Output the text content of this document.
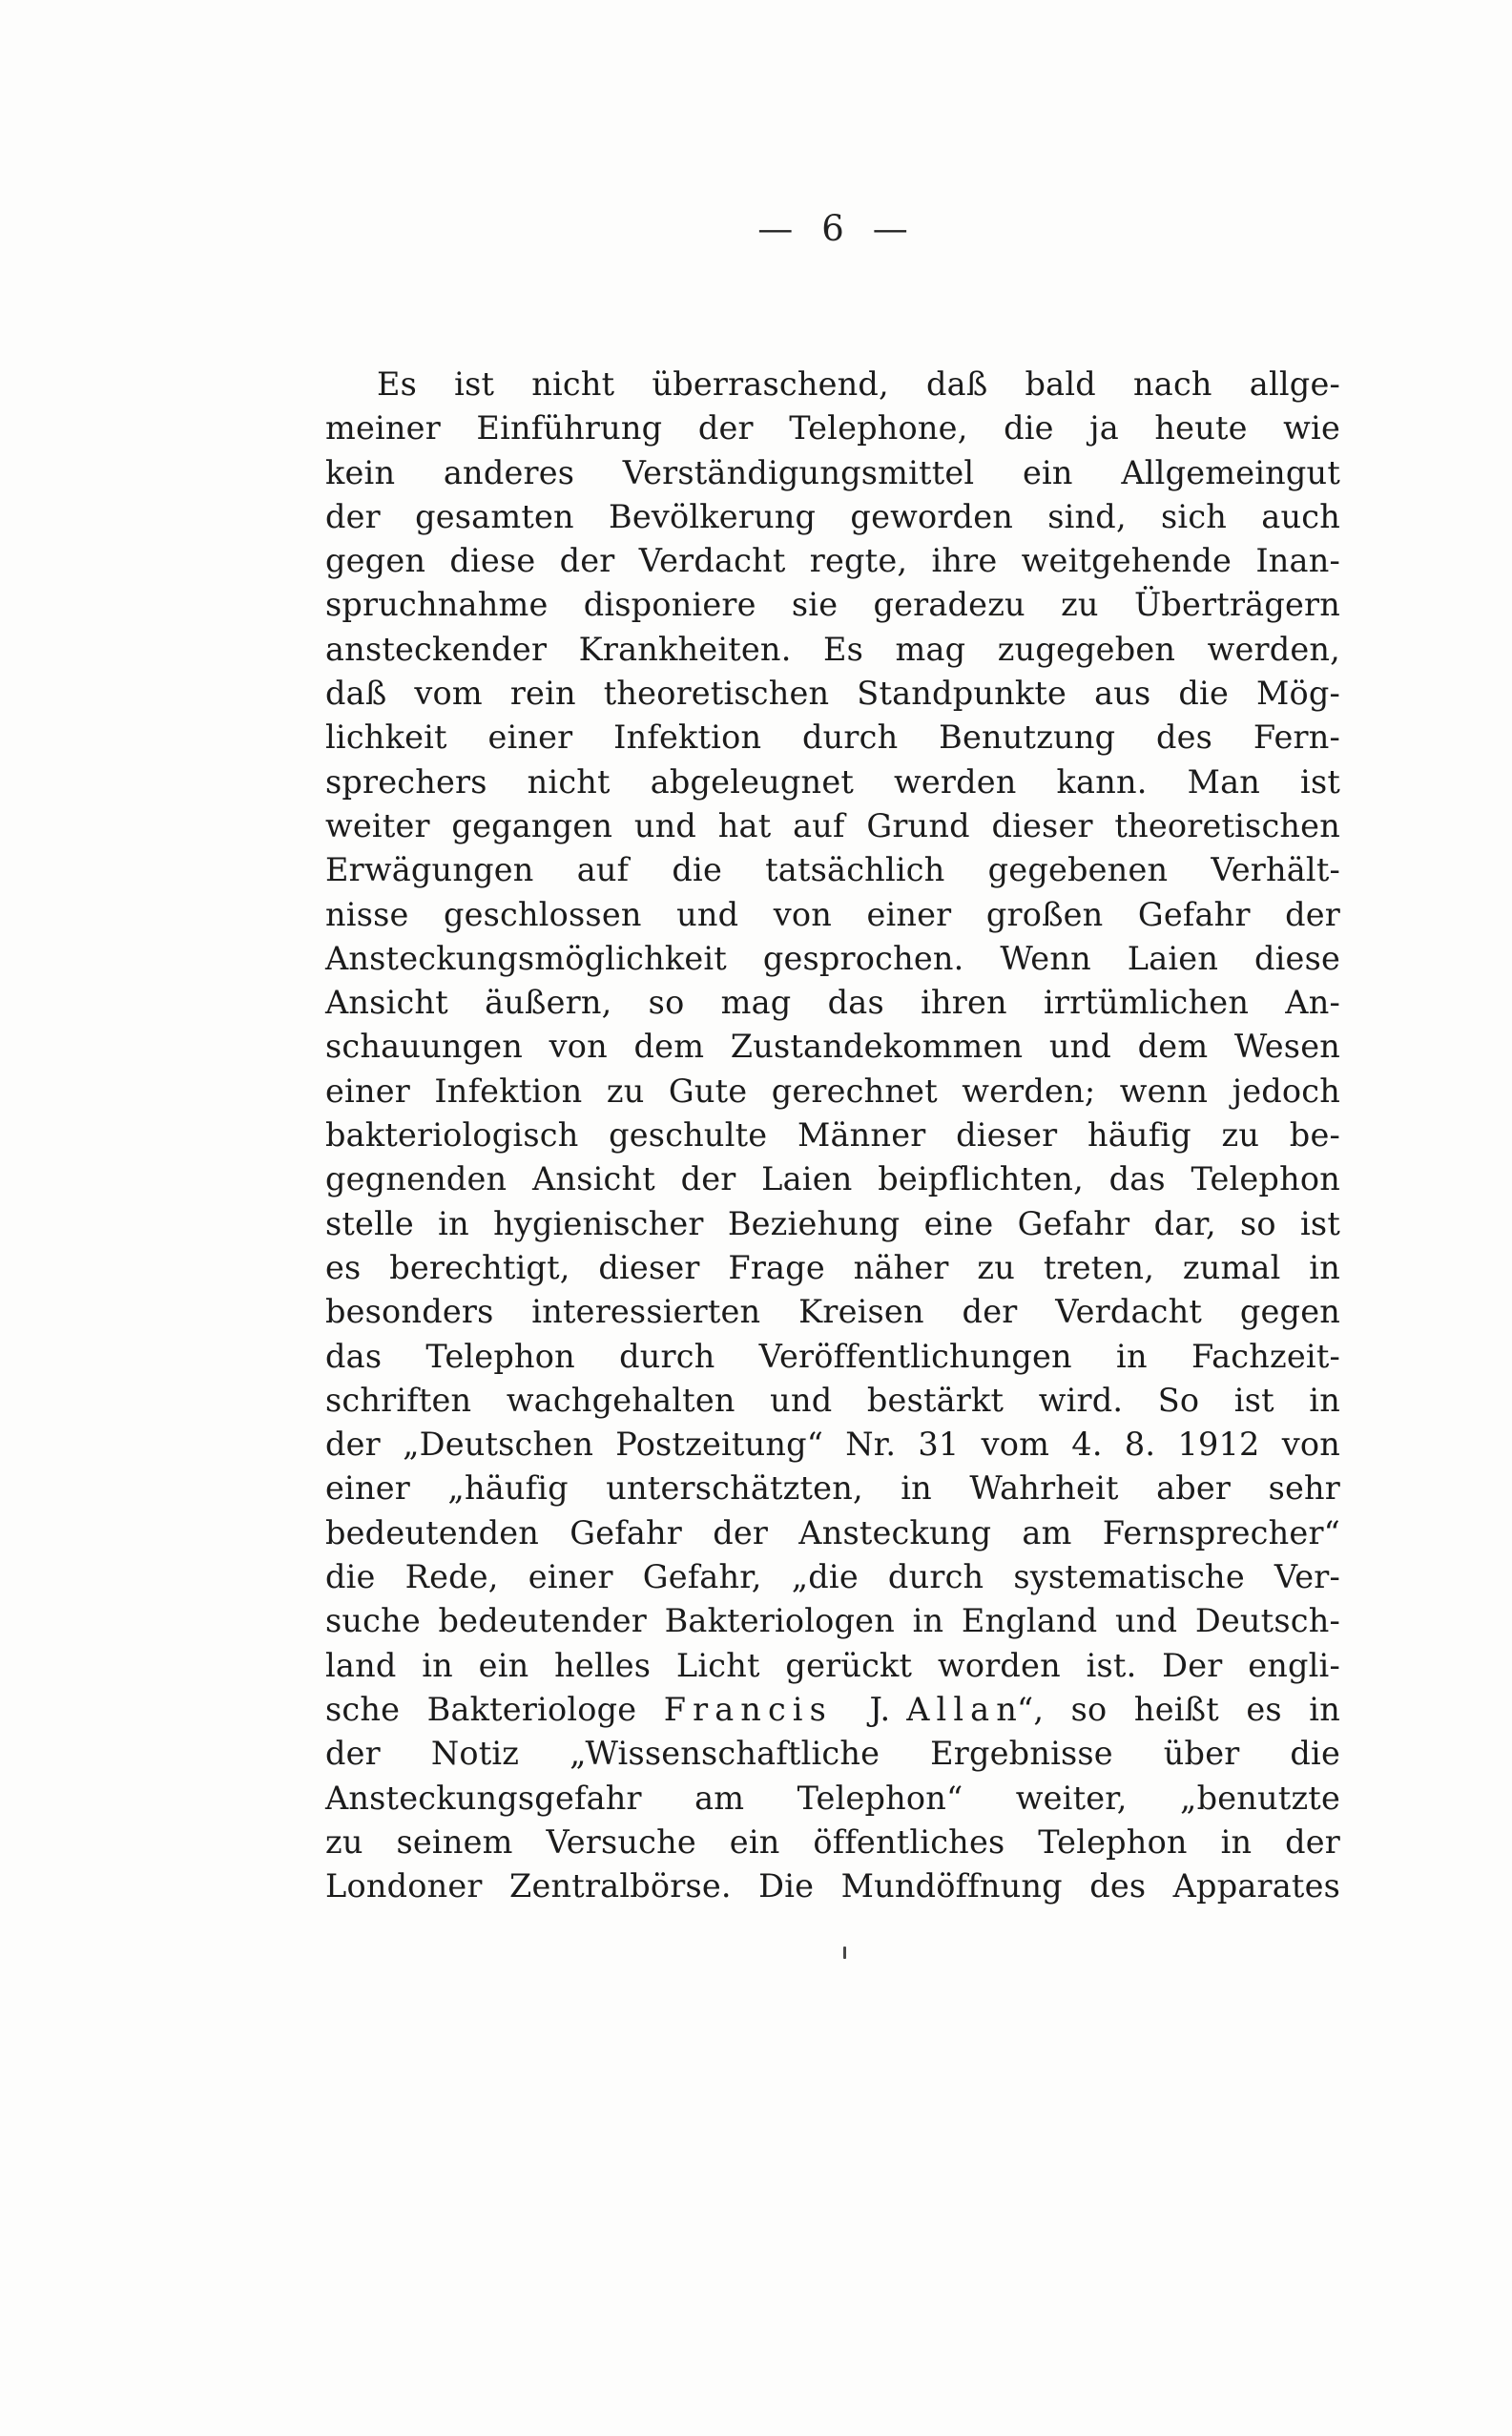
— 6 —
Es ist nicht überraschend, daß bald nach allge-
meiner Einführung der Telephone, die ja heute wie
kein anderes Verständigungsmittel ein Allgemeingut
der gesamten Bevölkerung geworden sind, sich auch
gegen diese der Verdacht regte, ihre weitgehende Inan-
spruchnahme disponiere sie geradezu zu Überträgern
ansteckender Krankheiten. Es mag zugegeben werden,
daß vom rein theoretischen Standpunkte aus die Mög-
lichkeit einer Infektion durch Benutzung des Fern-
sprechers nicht abgeleugnet werden kann. Man ist
weiter gegangen und hat auf Grund dieser theoretischen
Erwägungen auf die tatsächlich gegebenen Verhält-
nisse geschlossen und von einer großen Gefahr der
Ansteckungsmöglichkeit gesprochen. Wenn Laien diese
Ansicht äußern, so mag das ihren irrtümlichen An-
schauungen von dem Zustandekommen und dem Wesen
einer Infektion zu Gute gerechnet werden; wenn jedoch
bakteriologisch geschulte Männer dieser häufig zu be-
gegnenden Ansicht der Laien beipflichten, das Telephon
stelle in hygienischer Beziehung eine Gefahr dar, so ist
es berechtigt, dieser Frage näher zu treten, zumal in
besonders interessierten Kreisen der Verdacht gegen
das Telephon durch Veröffentlichungen in Fachzeit-
schriften wachgehalten und bestärkt wird. So ist in
der „Deutschen Postzeitung“ Nr. 31 vom 4. 8. 1912 von
einer „häufig unterschätzten, in Wahrheit aber sehr
bedeutenden Gefahr der Ansteckung am Fernsprecher“
die Rede, einer Gefahr, „die durch systematische Ver-
suche bedeutender Bakteriologen in England und Deutsch-
land in ein helles Licht gerückt worden ist. Der engli-
sche Bakteriologe F r a n c i s  J. A l l a n“, so heißt es in
der Notiz „Wissenschaftliche Ergebnisse über die
Ansteckungsgefahr am Telephon“ weiter, „benutzte
zu seinem Versuche ein öffentliches Telephon in der
Londoner Zentralbörse. Die Mundöffnung des Apparates
